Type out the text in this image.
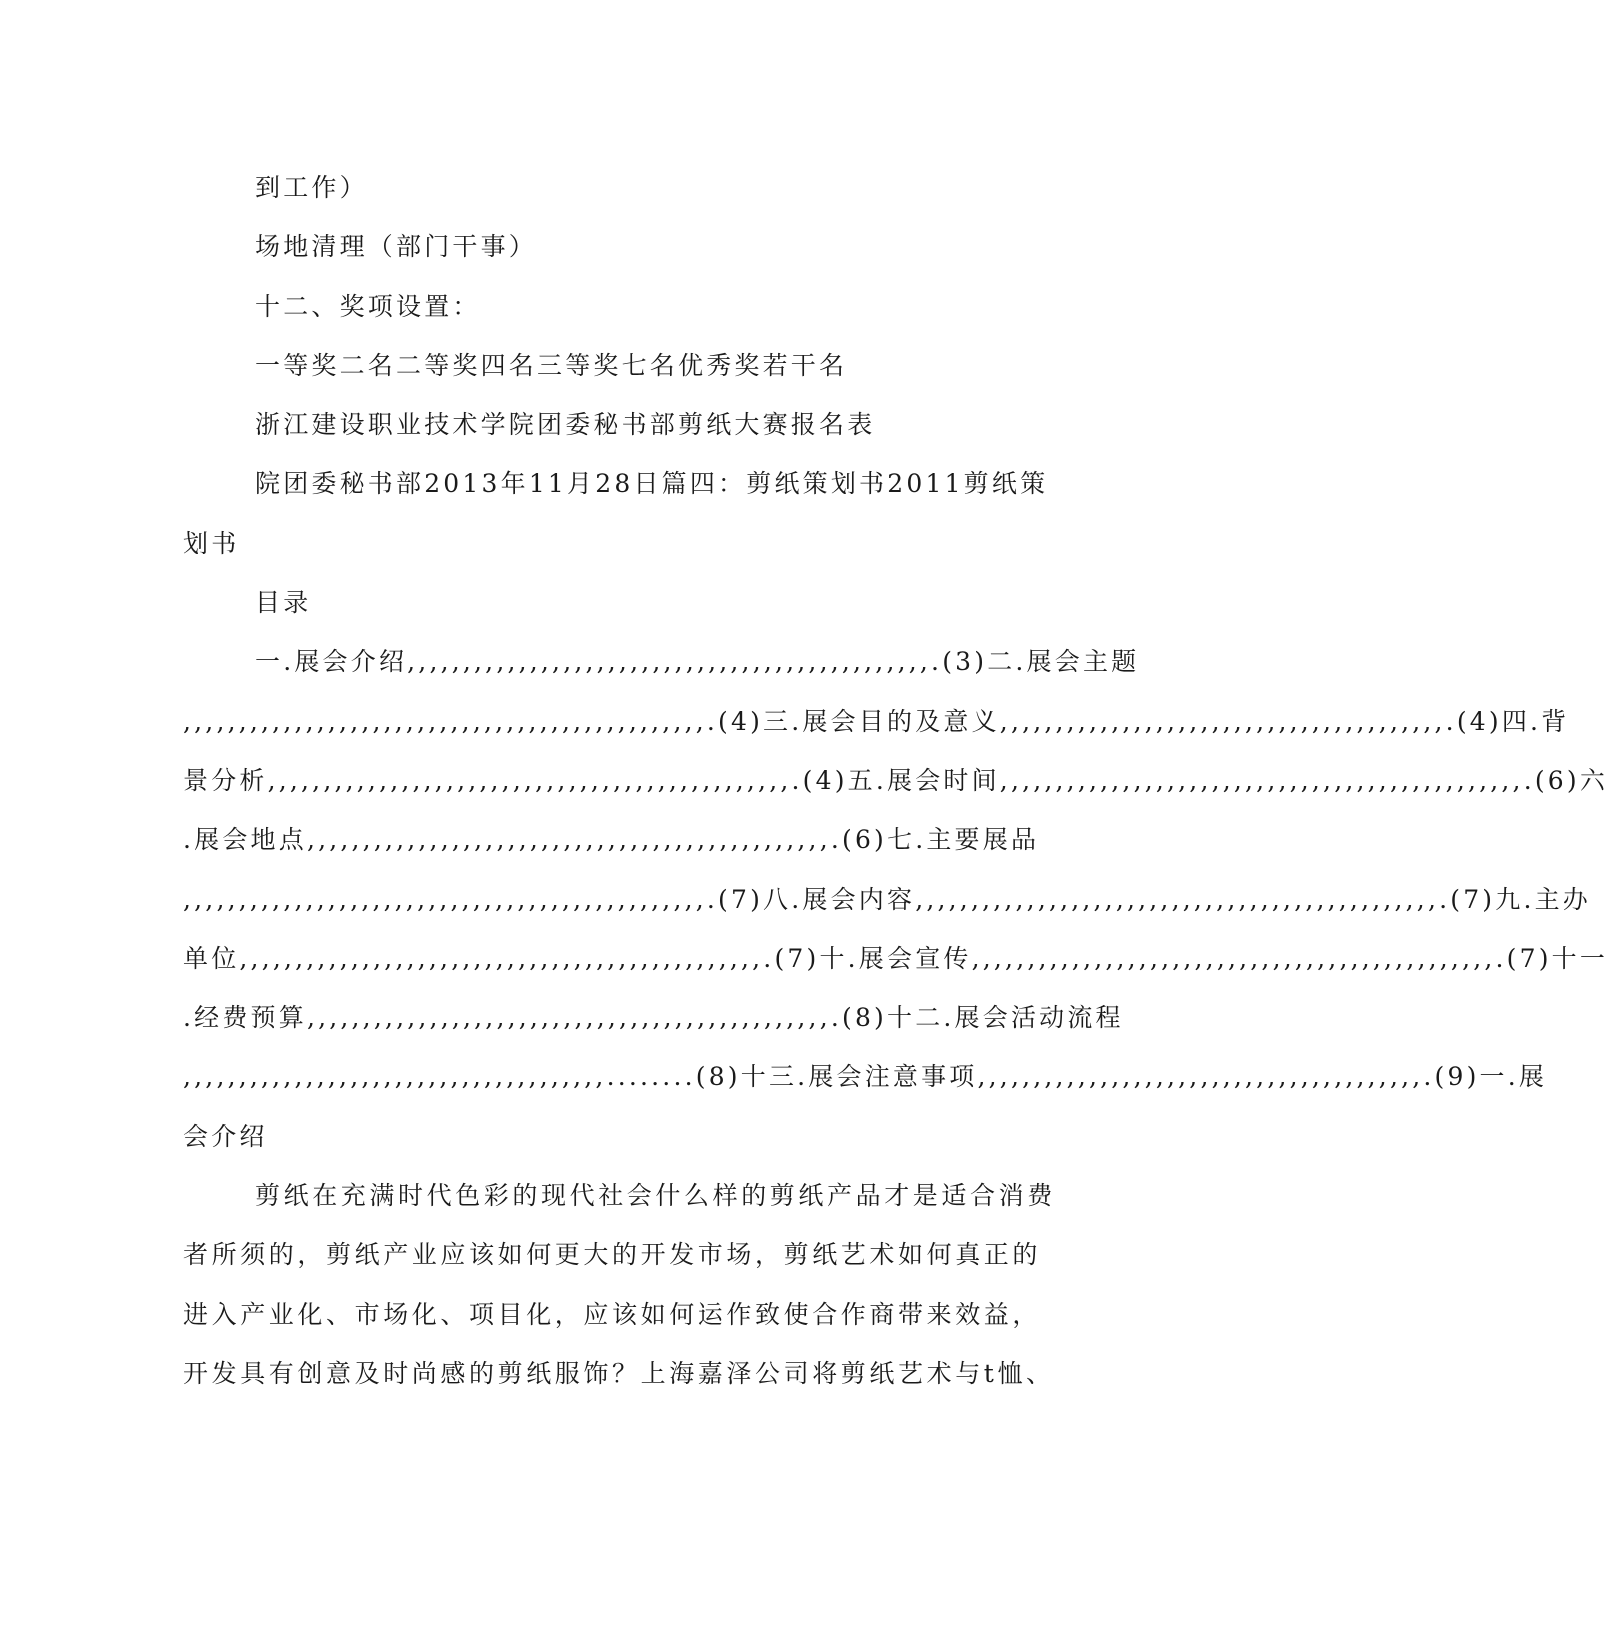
到工作）

场地清理（部门干事）

十二、奖项设置：

一等奖二名二等奖四名三等奖七名优秀奖若干名

浙江建设职业技术学院团委秘书部剪纸大赛报名表

院团委秘书部2013年11月28日篇四：剪纸策划书2011剪纸策划书

目录

一.展会介绍,,,,,,,,,,,,,,,,,,,,,,,,,,,,,,,,,,,,,,,,,,,,,,,.(3)二.展会主题
,,,,,,,,,,,,,,,,,,,,,,,,,,,,,,,,,,,,,,,,,,,,,,,.(4)三.展会目的及意义,,,,,,,,,,,,,,,,,,,,,,,,,,,,,,,,,,,,,,,,.(4)四.背
景分析,,,,,,,,,,,,,,,,,,,,,,,,,,,,,,,,,,,,,,,,,,,,,,,.(4)五.展会时间,,,,,,,,,,,,,,,,,,,,,,,,,,,,,,,,,,,,,,,,,,,,,,,.(6)六
.展会地点,,,,,,,,,,,,,,,,,,,,,,,,,,,,,,,,,,,,,,,,,,,,,,,.(6)七.主要展品
,,,,,,,,,,,,,,,,,,,,,,,,,,,,,,,,,,,,,,,,,,,,,,,.(7)八.展会内容,,,,,,,,,,,,,,,,,,,,,,,,,,,,,,,,,,,,,,,,,,,,,,,.(7)九.主办
单位,,,,,,,,,,,,,,,,,,,,,,,,,,,,,,,,,,,,,,,,,,,,,,,.(7)十.展会宣传,,,,,,,,,,,,,,,,,,,,,,,,,,,,,,,,,,,,,,,,,,,,,,,.(7)十一
.经费预算,,,,,,,,,,,,,,,,,,,,,,,,,,,,,,,,,,,,,,,,,,,,,,,.(8)十二.展会活动流程
,,,,,,,,,,,,,,,,,,,,,,,,,,,,,,,,,,,,,,........(8)十三.展会注意事项,,,,,,,,,,,,,,,,,,,,,,,,,,,,,,,,,,,,,,,,.(9)一.展
会介绍

剪纸在充满时代色彩的现代社会什么样的剪纸产品才是适合消费者所须的，剪纸产业应该如何更大的开发市场，剪纸艺术如何真正的进入产业化、市场化、项目化，应该如何运作致使合作商带来效益，开发具有创意及时尚感的剪纸服饰？上海嘉泽公司将剪纸艺术与t恤、
